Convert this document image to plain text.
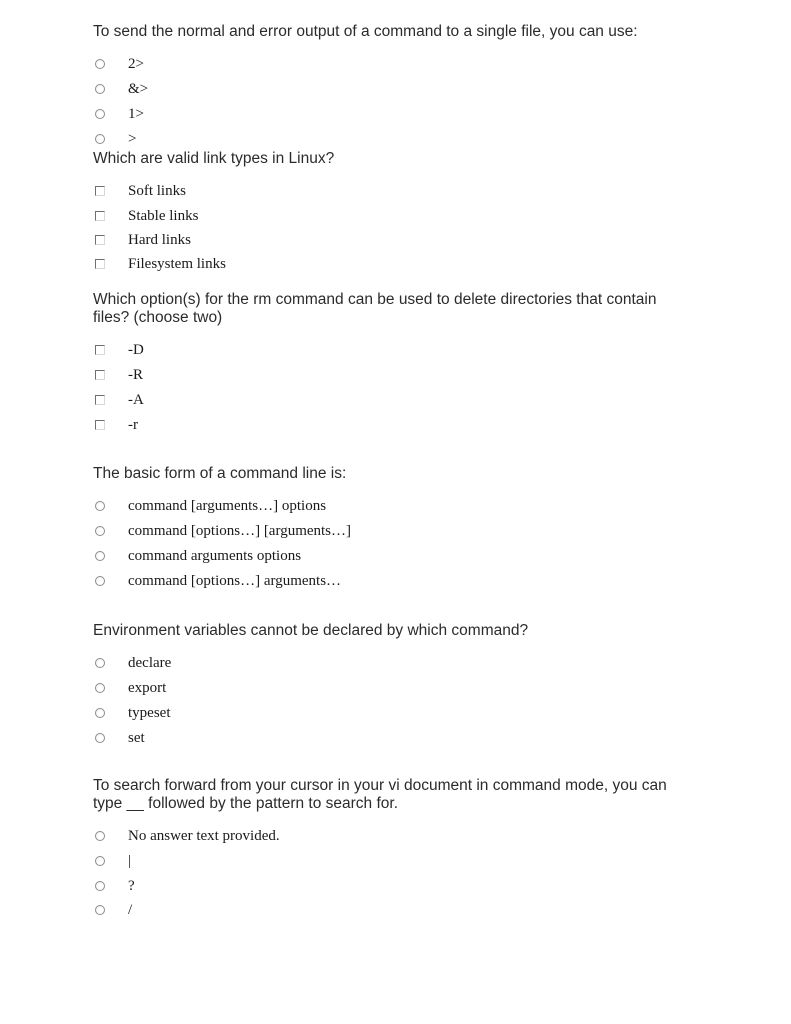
To send the normal and error output of a command to a single file, you can use:

2>
&>
1>
>

Which are valid link types in Linux?

Soft links
Stable links
Hard links
Filesystem links

Which option(s) for the rm command can be used to delete directories that contain files? (choose two)

-D
-R
-A
-r

The basic form of a command line is:

command [arguments…] options
command [options…] [arguments…]
command arguments options
command [options…] arguments…

Environment variables cannot be declared by which command?

declare
export
typeset
set

To search forward from your cursor in your vi document in command mode, you can type __ followed by the pattern to search for.

No answer text provided.
|
?
/
